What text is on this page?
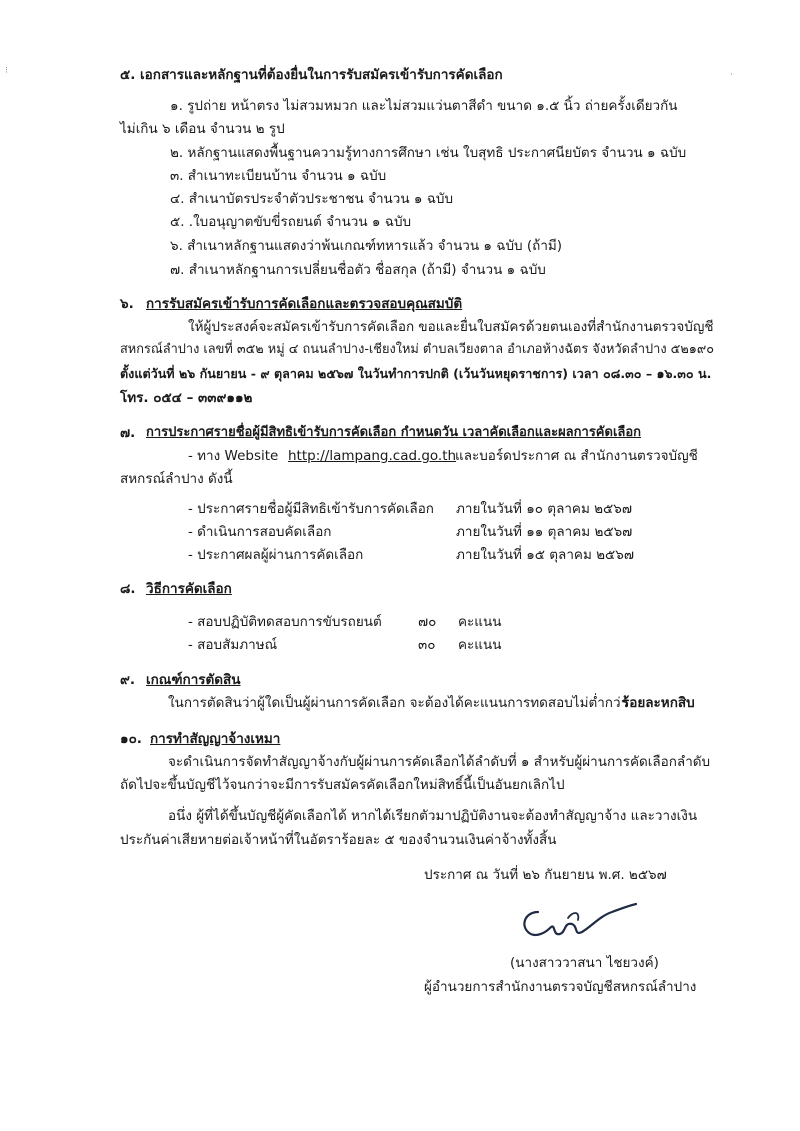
⁝	·
๕. เอกสารและหลักฐานที่ต้องยื่นในการรับสมัครเข้ารับการคัดเลือก
๑. รูปถ่าย หน้าตรง ไม่สวมหมวก และไม่สวมแว่นตาสีดำ ขนาด ๑.๕ นิ้ว ถ่ายครั้งเดียวกัน
ไม่เกิน ๖ เดือน จำนวน ๒ รูป
๒. หลักฐานแสดงพื้นฐานความรู้ทางการศึกษา เช่น ใบสุทธิ ประกาศนียบัตร จำนวน ๑ ฉบับ
๓. สำเนาทะเบียนบ้าน จำนวน ๑ ฉบับ
๔. สำเนาบัตรประจำตัวประชาชน จำนวน ๑ ฉบับ
๕. .ใบอนุญาตขับขี่รถยนต์ จำนวน ๑ ฉบับ
๖. สำเนาหลักฐานแสดงว่าพ้นเกณฑ์ทหารแล้ว จำนวน ๑ ฉบับ (ถ้ามี)
๗. สำเนาหลักฐานการเปลี่ยนชื่อตัว ชื่อสกุล (ถ้ามี) จำนวน ๑ ฉบับ
๖. การรับสมัครเข้ารับการคัดเลือกและตรวจสอบคุณสมบัติ
ให้ผู้ประสงค์จะสมัครเข้ารับการคัดเลือก ขอและยื่นใบสมัครด้วยตนเองที่สำนักงานตรวจบัญชี
สหกรณ์ลำปาง เลขที่ ๓๕๒ หมู่ ๔ ถนนลำปาง-เชียงใหม่ ตำบลเวียงตาล อำเภอห้างฉัตร จังหวัดลำปาง ๕๒๑๙๐
ตั้งแต่วันที่ ๒๖ กันยายน - ๙ ตุลาคม ๒๕๖๗ ในวันทำการปกติ (เว้นวันหยุดราชการ) เวลา ๐๘.๓๐ – ๑๖.๓๐ น.
โทร. ๐๕๔ – ๓๓๙๑๑๒
๗. การประกาศรายชื่อผู้มีสิทธิเข้ารับการคัดเลือก กำหนดวัน เวลาคัดเลือกและผลการคัดเลือก
- ทาง Website http://lampang.cad.go.th
และบอร์ดประกาศ ณ สำนักงานตรวจบัญชี
สหกรณ์ลำปาง ดังนี้
- ประกาศรายชื่อผู้มีสิทธิเข้ารับการคัดเลือก ภายในวันที่ ๑๐ ตุลาคม ๒๕๖๗
- ดำเนินการสอบคัดเลือก	ภายในวันที่ ๑๑ ตุลาคม ๒๕๖๗
- ประกาศผลผู้ผ่านการคัดเลือก	ภายในวันที่ ๑๕ ตุลาคม ๒๕๖๗
๘. วิธีการคัดเลือก
- สอบปฏิบัติทดสอบการขับรถยนต์	๗๐ คะแนน
- สอบสัมภาษณ์	๓๐ คะแนน
๙. เกณฑ์การตัดสิน
ในการตัดสินว่าผู้ใดเป็นผู้ผ่านการคัดเลือก จะต้องได้คะแนนการทดสอบไม่ต่ำกว่า
ร้อยละหกสิบ
๑๐. การทำสัญญาจ้างเหมา
จะดำเนินการจัดทำสัญญาจ้างกับผู้ผ่านการคัดเลือกได้ลำดับที่ ๑ สำหรับผู้ผ่านการคัดเลือกลำดับ
ถัดไปจะขึ้นบัญชีไว้จนกว่าจะมีการรับสมัครคัดเลือกใหม่สิทธิ์นี้เป็นอันยกเลิกไป
อนึ่ง ผู้ที่ได้ขึ้นบัญชีผู้คัดเลือกได้ หากได้เรียกตัวมาปฏิบัติงานจะต้องทำสัญญาจ้าง และวางเงิน
ประกันค่าเสียหายต่อเจ้าหน้าที่ในอัตราร้อยละ ๕ ของจำนวนเงินค่าจ้างทั้งสิ้น
ประกาศ ณ วันที่ ๒๖ กันยายน พ.ศ. ๒๕๖๗
(นางสาววาสนา ไชยวงค์)
ผู้อำนวยการสำนักงานตรวจบัญชีสหกรณ์ลำปาง
